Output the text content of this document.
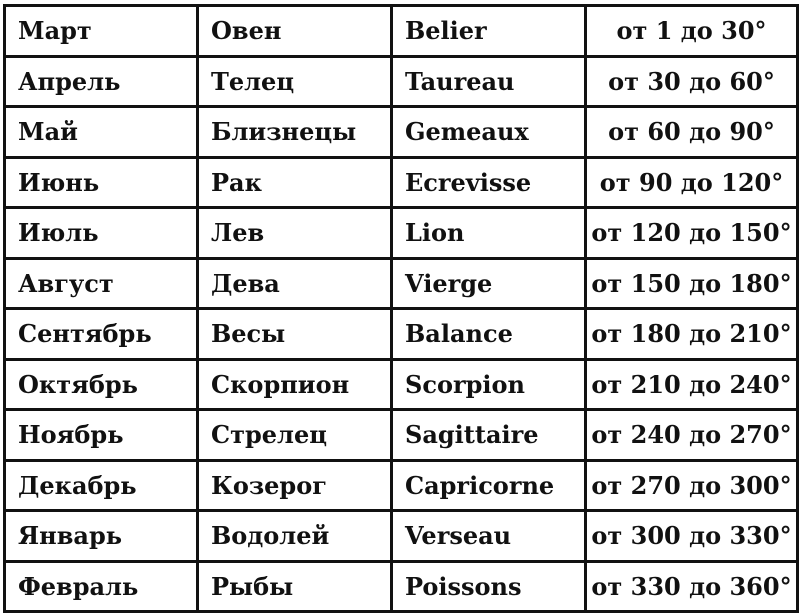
Март	Овен	Belier	от 1 до 30°
Апрель	Телец	Taureau	от 30 до 60°
Май	Близнецы	Gemeaux	от 60 до 90°
Июнь	Рак	Ecrevisse	от 90 до 120°
Июль	Лев	Lion	от 120 до 150°
Август	Дева	Vierge	от 150 до 180°
Сентябрь	Весы	Balance	от 180 до 210°
Октябрь	Скорпион	Scorpion	от 210 до 240°
Ноябрь	Стрелец	Sagittaire	от 240 до 270°
Декабрь	Козерог	Capricorne	от 270 до 300°
Январь	Водолей	Verseau	от 300 до 330°
Февраль	Рыбы	Poissons	от 330 до 360°
